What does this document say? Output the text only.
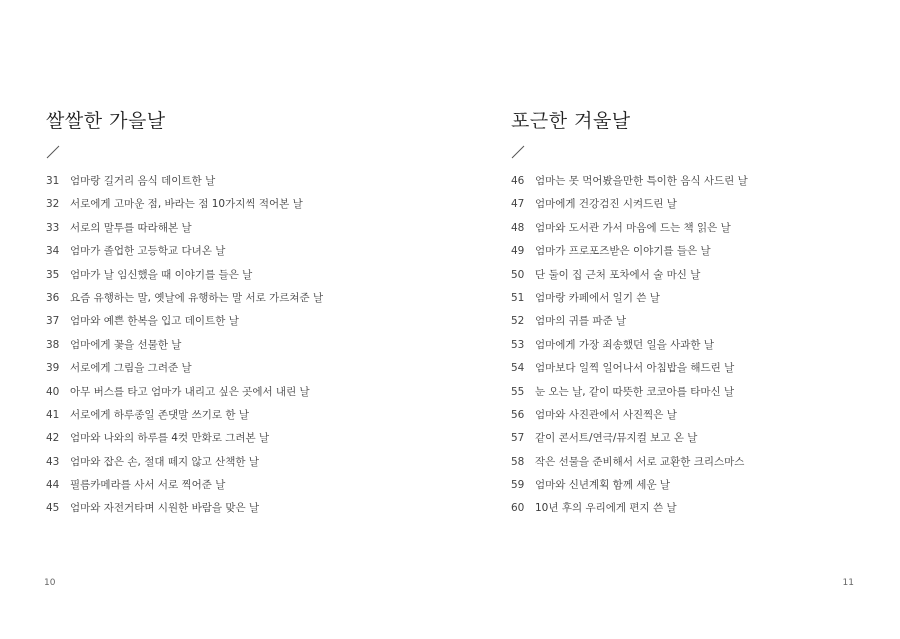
쌀쌀한 가을날
31	엄마랑 길거리 음식 데이트한 날
32	서로에게 고마운 점, 바라는 점 10가지씩 적어본 날
33	서로의 말투를 따라해본 날
34	엄마가 졸업한 고등학교 다녀온 날
35	엄마가 날 임신했을 때 이야기를 들은 날
36	요즘 유행하는 말, 옛날에 유행하는 말 서로 가르쳐준 날
37	엄마와 예쁜 한복을 입고 데이트한 날
38	엄마에게 꽃을 선물한 날
39	서로에게 그림을 그려준 날
40	아무 버스를 타고 엄마가 내리고 싶은 곳에서 내린 날
41	서로에게 하루종일 존댓말 쓰기로 한 날
42	엄마와 나와의 하루를 4컷 만화로 그려본 날
43	엄마와 잡은 손, 절대 떼지 않고 산책한 날
44	필름카메라를 사서 서로 찍어준 날
45	엄마와 자전거타며 시원한 바람을 맞은 날
10
포근한 겨울날
46	엄마는 못 먹어봤을만한 특이한 음식 사드린 날
47	엄마에게 건강검진 시켜드린 날
48	엄마와 도서관 가서 마음에 드는 책 읽은 날
49	엄마가 프로포즈받은 이야기를 들은 날
50	단 둘이 집 근처 포차에서 술 마신 날
51	엄마랑 카페에서 일기 쓴 날
52	엄마의 귀를 파준 날
53	엄마에게 가장 죄송했던 일을 사과한 날
54	엄마보다 일찍 일어나서 아침밥을 해드린 날
55	눈 오는 날, 같이 따뜻한 코코아를 타마신 날
56	엄마와 사진관에서 사진찍은 날
57	같이 콘서트/연극/뮤지컬 보고 온 날
58	작은 선물을 준비해서 서로 교환한 크리스마스
59	엄마와 신년계획 함께 세운 날
60	10년 후의 우리에게 편지 쓴 날
11
